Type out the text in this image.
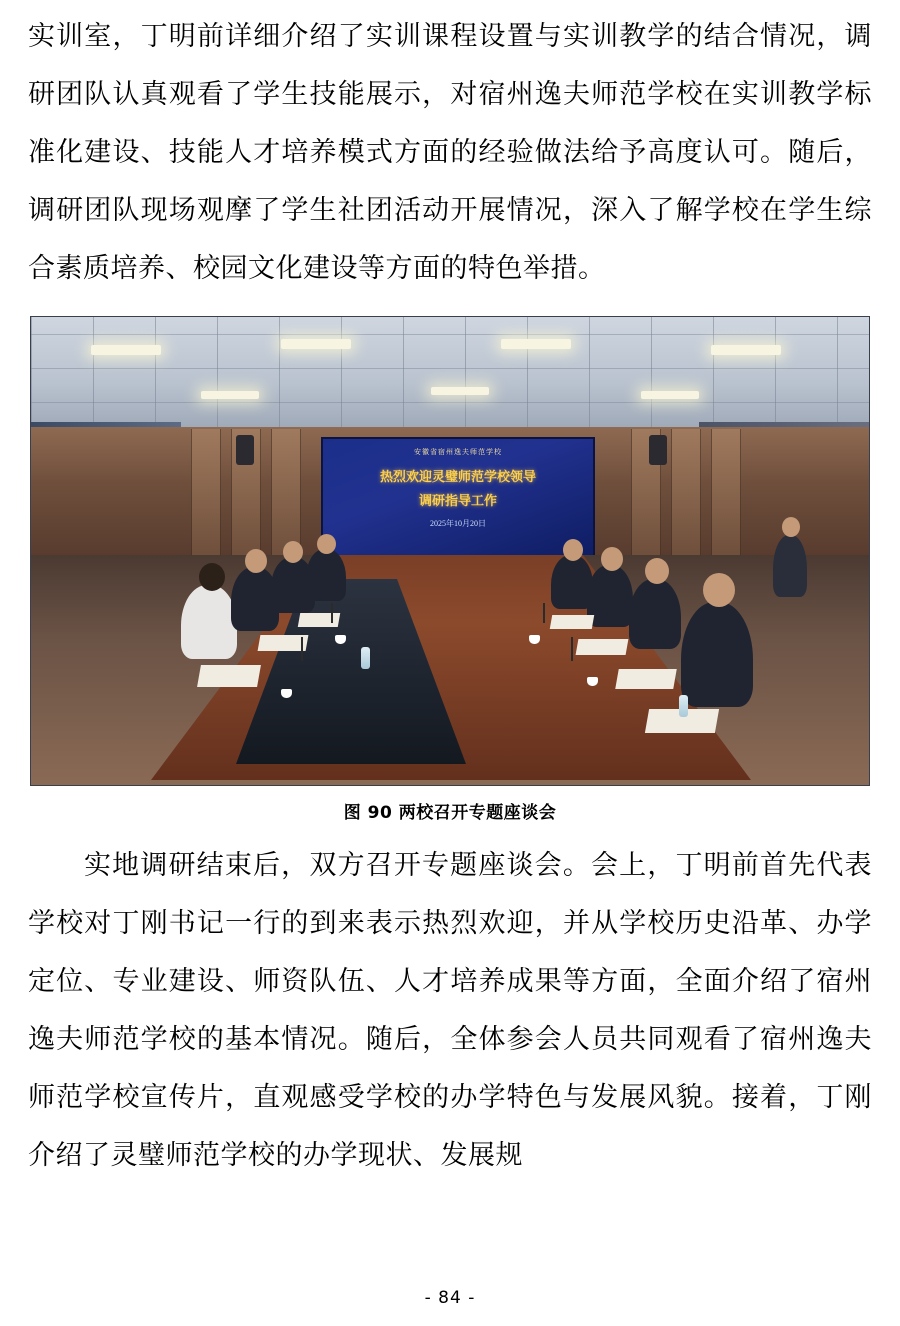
实训室，丁明前详细介绍了实训课程设置与实训教学的结合情况，调研团队认真观看了学生技能展示，对宿州逸夫师范学校在实训教学标准化建设、技能人才培养模式方面的经验做法给予高度认可。随后，调研团队现场观摩了学生社团活动开展情况，深入了解学校在学生综合素质培养、校园文化建设等方面的特色举措。

安徽省宿州逸夫师范学校
热烈欢迎灵璧师范学校领导
调研指导工作
2025年10月20日
图 90 两校召开专题座谈会

实地调研结束后，双方召开专题座谈会。会上，丁明前首先代表学校对丁刚书记一行的到来表示热烈欢迎，并从学校历史沿革、办学定位、专业建设、师资队伍、人才培养成果等方面，全面介绍了宿州逸夫师范学校的基本情况。随后，全体参会人员共同观看了宿州逸夫师范学校宣传片，直观感受学校的办学特色与发展风貌。接着，丁刚介绍了灵璧师范学校的办学现状、发展规

- 84 -
